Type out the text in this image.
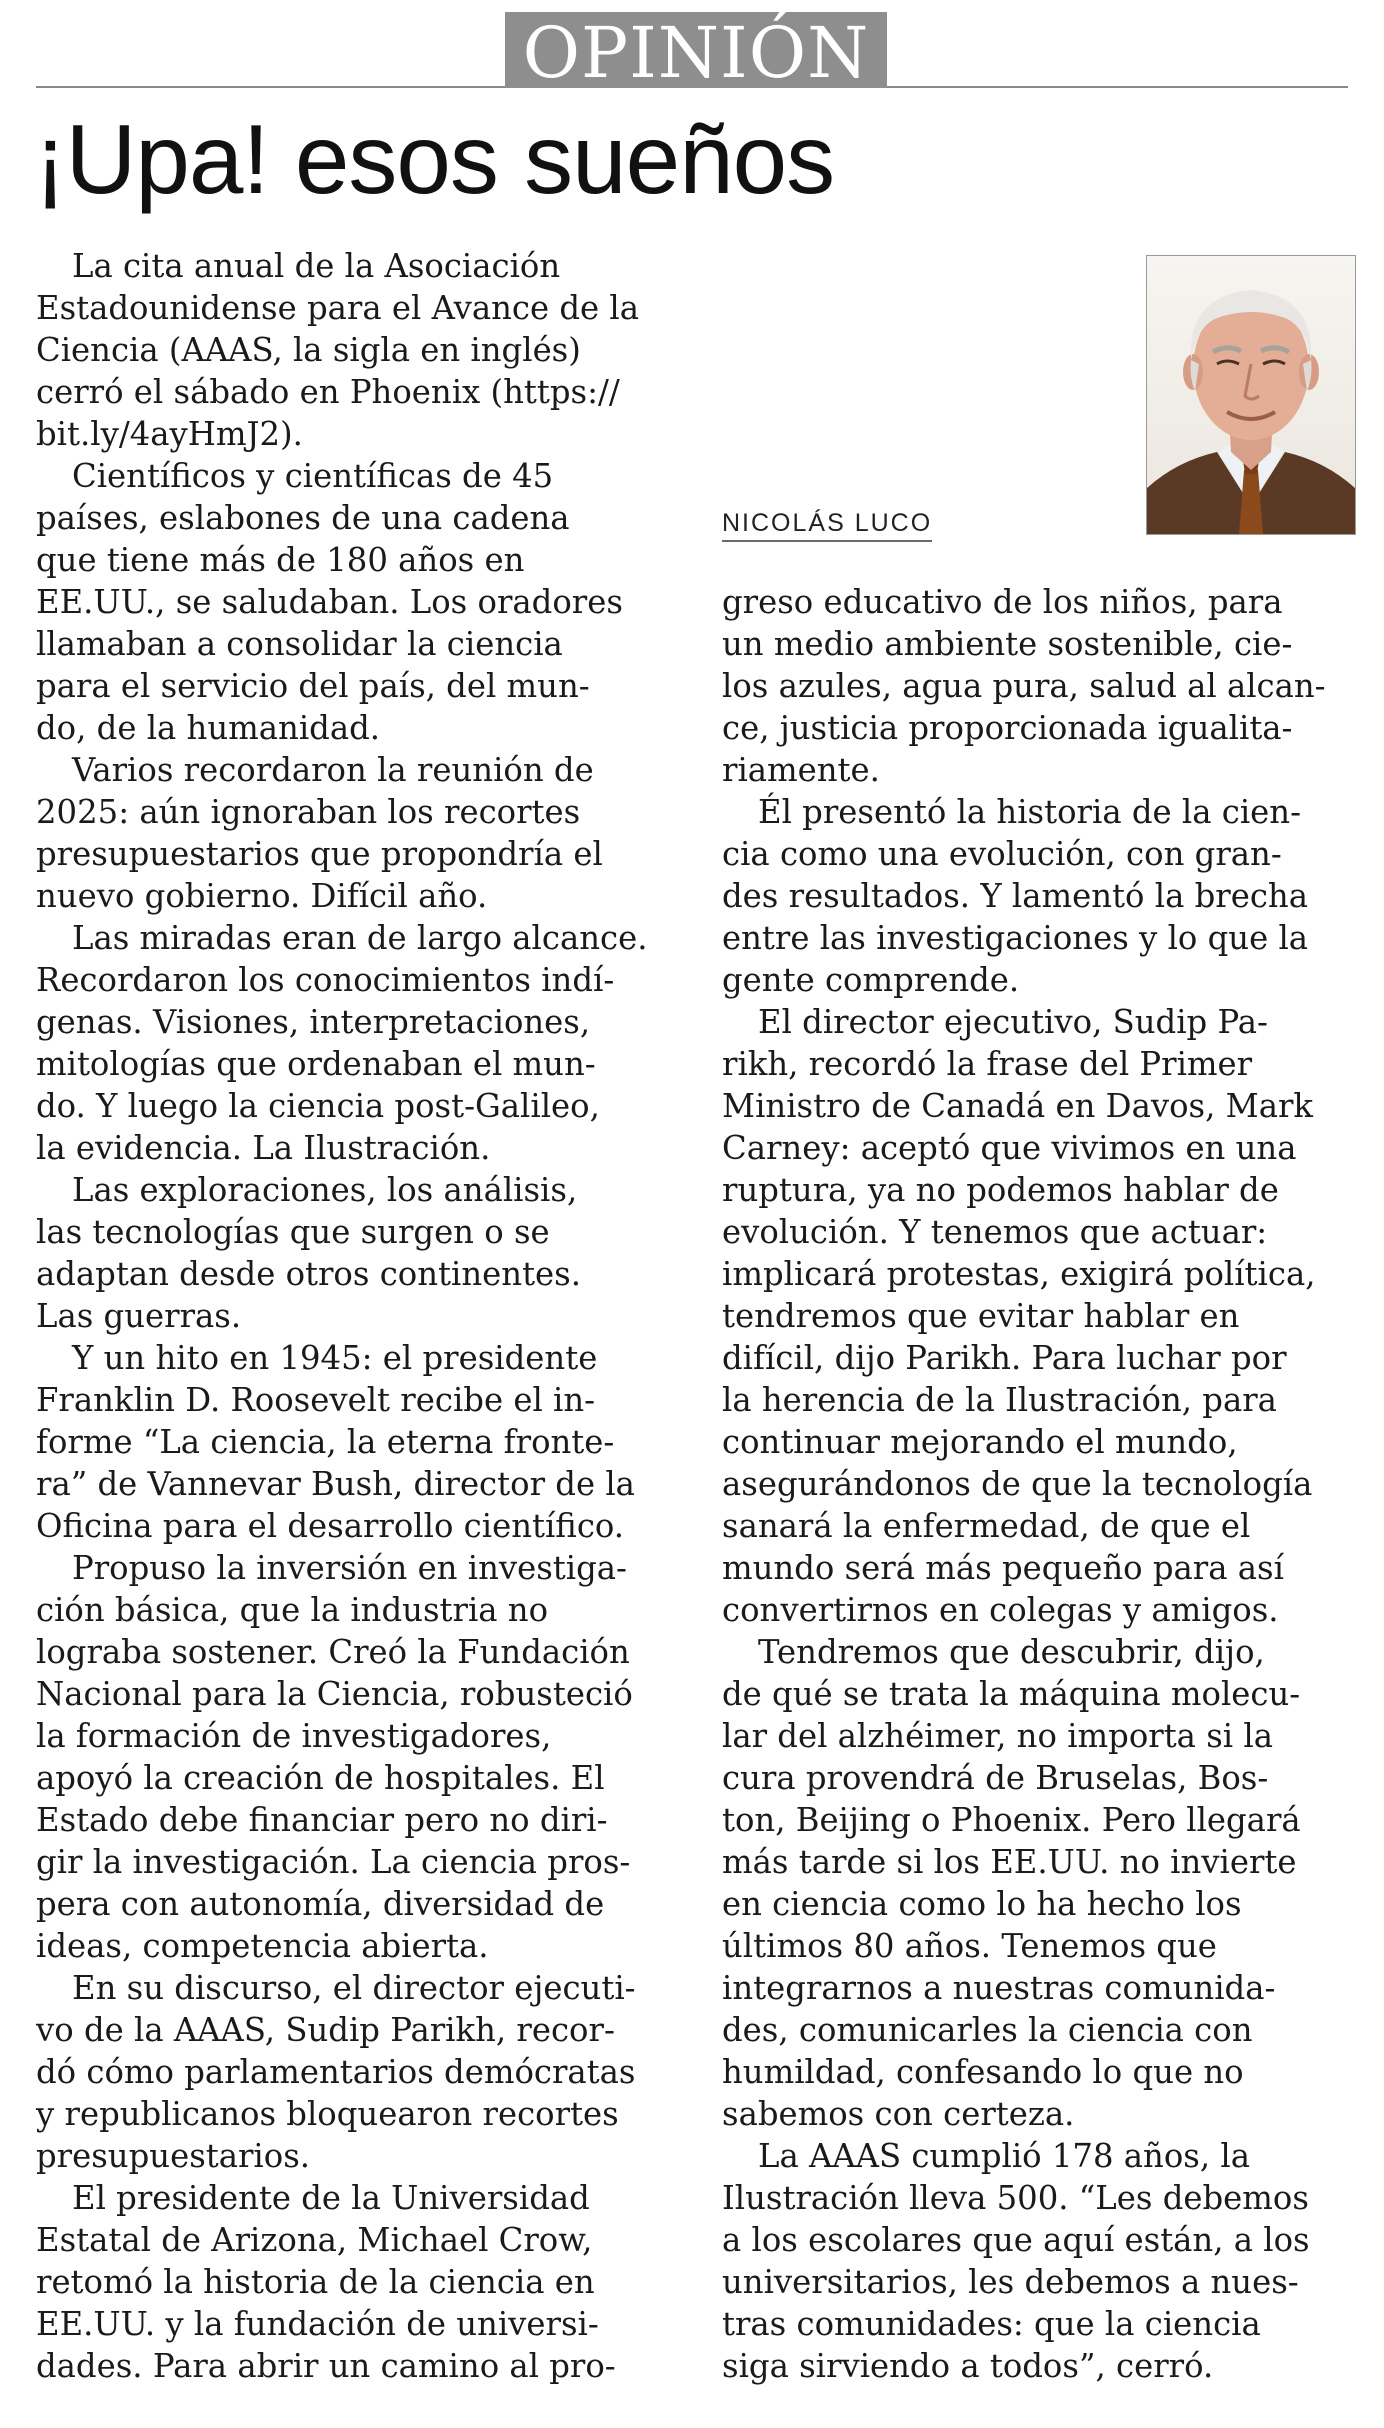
OPINIÓN
¡Upa! esos sueños
NICOLÁS LUCO

La cita anual de la Asociación
Estadounidense para el Avance de la
Ciencia (AAAS, la sigla en inglés)
cerró el sábado en Phoenix (https://
bit.ly/4ayHmJ2).

Científicos y científicas de 45
países, eslabones de una cadena
que tiene más de 180 años en
EE.UU., se saludaban. Los oradores
llamaban a consolidar la ciencia
para el servicio del país, del mun-
do, de la humanidad.

Varios recordaron la reunión de
2025: aún ignoraban los recortes
presupuestarios que propondría el
nuevo gobierno. Difícil año.

Las miradas eran de largo alcance.
Recordaron los conocimientos indí-
genas. Visiones, interpretaciones,
mitologías que ordenaban el mun-
do. Y luego la ciencia post-Galileo,
la evidencia. La Ilustración.

Las exploraciones, los análisis,
las tecnologías que surgen o se
adaptan desde otros continentes.
Las guerras.

Y un hito en 1945: el presidente
Franklin D. Roosevelt recibe el in-
forme “La ciencia, la eterna fronte-
ra” de Vannevar Bush, director de la
Oficina para el desarrollo científico.

Propuso la inversión en investiga-
ción básica, que la industria no
lograba sostener. Creó la Fundación
Nacional para la Ciencia, robusteció
la formación de investigadores,
apoyó la creación de hospitales. El
Estado debe financiar pero no diri-
gir la investigación. La ciencia pros-
pera con autonomía, diversidad de
ideas, competencia abierta.

En su discurso, el director ejecuti-
vo de la AAAS, Sudip Parikh, recor-
dó cómo parlamentarios demócratas
y republicanos bloquearon recortes
presupuestarios.

El presidente de la Universidad
Estatal de Arizona, Michael Crow,
retomó la historia de la ciencia en
EE.UU. y la fundación de universi-
dades. Para abrir un camino al pro-

greso educativo de los niños, para
un medio ambiente sostenible, cie-
los azules, agua pura, salud al alcan-
ce, justicia proporcionada igualita-
riamente.

Él presentó la historia de la cien-
cia como una evolución, con gran-
des resultados. Y lamentó la brecha
entre las investigaciones y lo que la
gente comprende.

El director ejecutivo, Sudip Pa-
rikh, recordó la frase del Primer
Ministro de Canadá en Davos, Mark
Carney: aceptó que vivimos en una
ruptura, ya no podemos hablar de
evolución. Y tenemos que actuar:
implicará protestas, exigirá política,
tendremos que evitar hablar en
difícil, dijo Parikh. Para luchar por
la herencia de la Ilustración, para
continuar mejorando el mundo,
asegurándonos de que la tecnología
sanará la enfermedad, de que el
mundo será más pequeño para así
convertirnos en colegas y amigos.

Tendremos que descubrir, dijo,
de qué se trata la máquina molecu-
lar del alzhéimer, no importa si la
cura provendrá de Bruselas, Bos-
ton, Beijing o Phoenix. Pero llegará
más tarde si los EE.UU. no invierte
en ciencia como lo ha hecho los
últimos 80 años. Tenemos que
integrarnos a nuestras comunida-
des, comunicarles la ciencia con
humildad, confesando lo que no
sabemos con certeza.

La AAAS cumplió 178 años, la
Ilustración lleva 500. “Les debemos
a los escolares que aquí están, a los
universitarios, les debemos a nues-
tras comunidades: que la ciencia
siga sirviendo a todos”, cerró.
